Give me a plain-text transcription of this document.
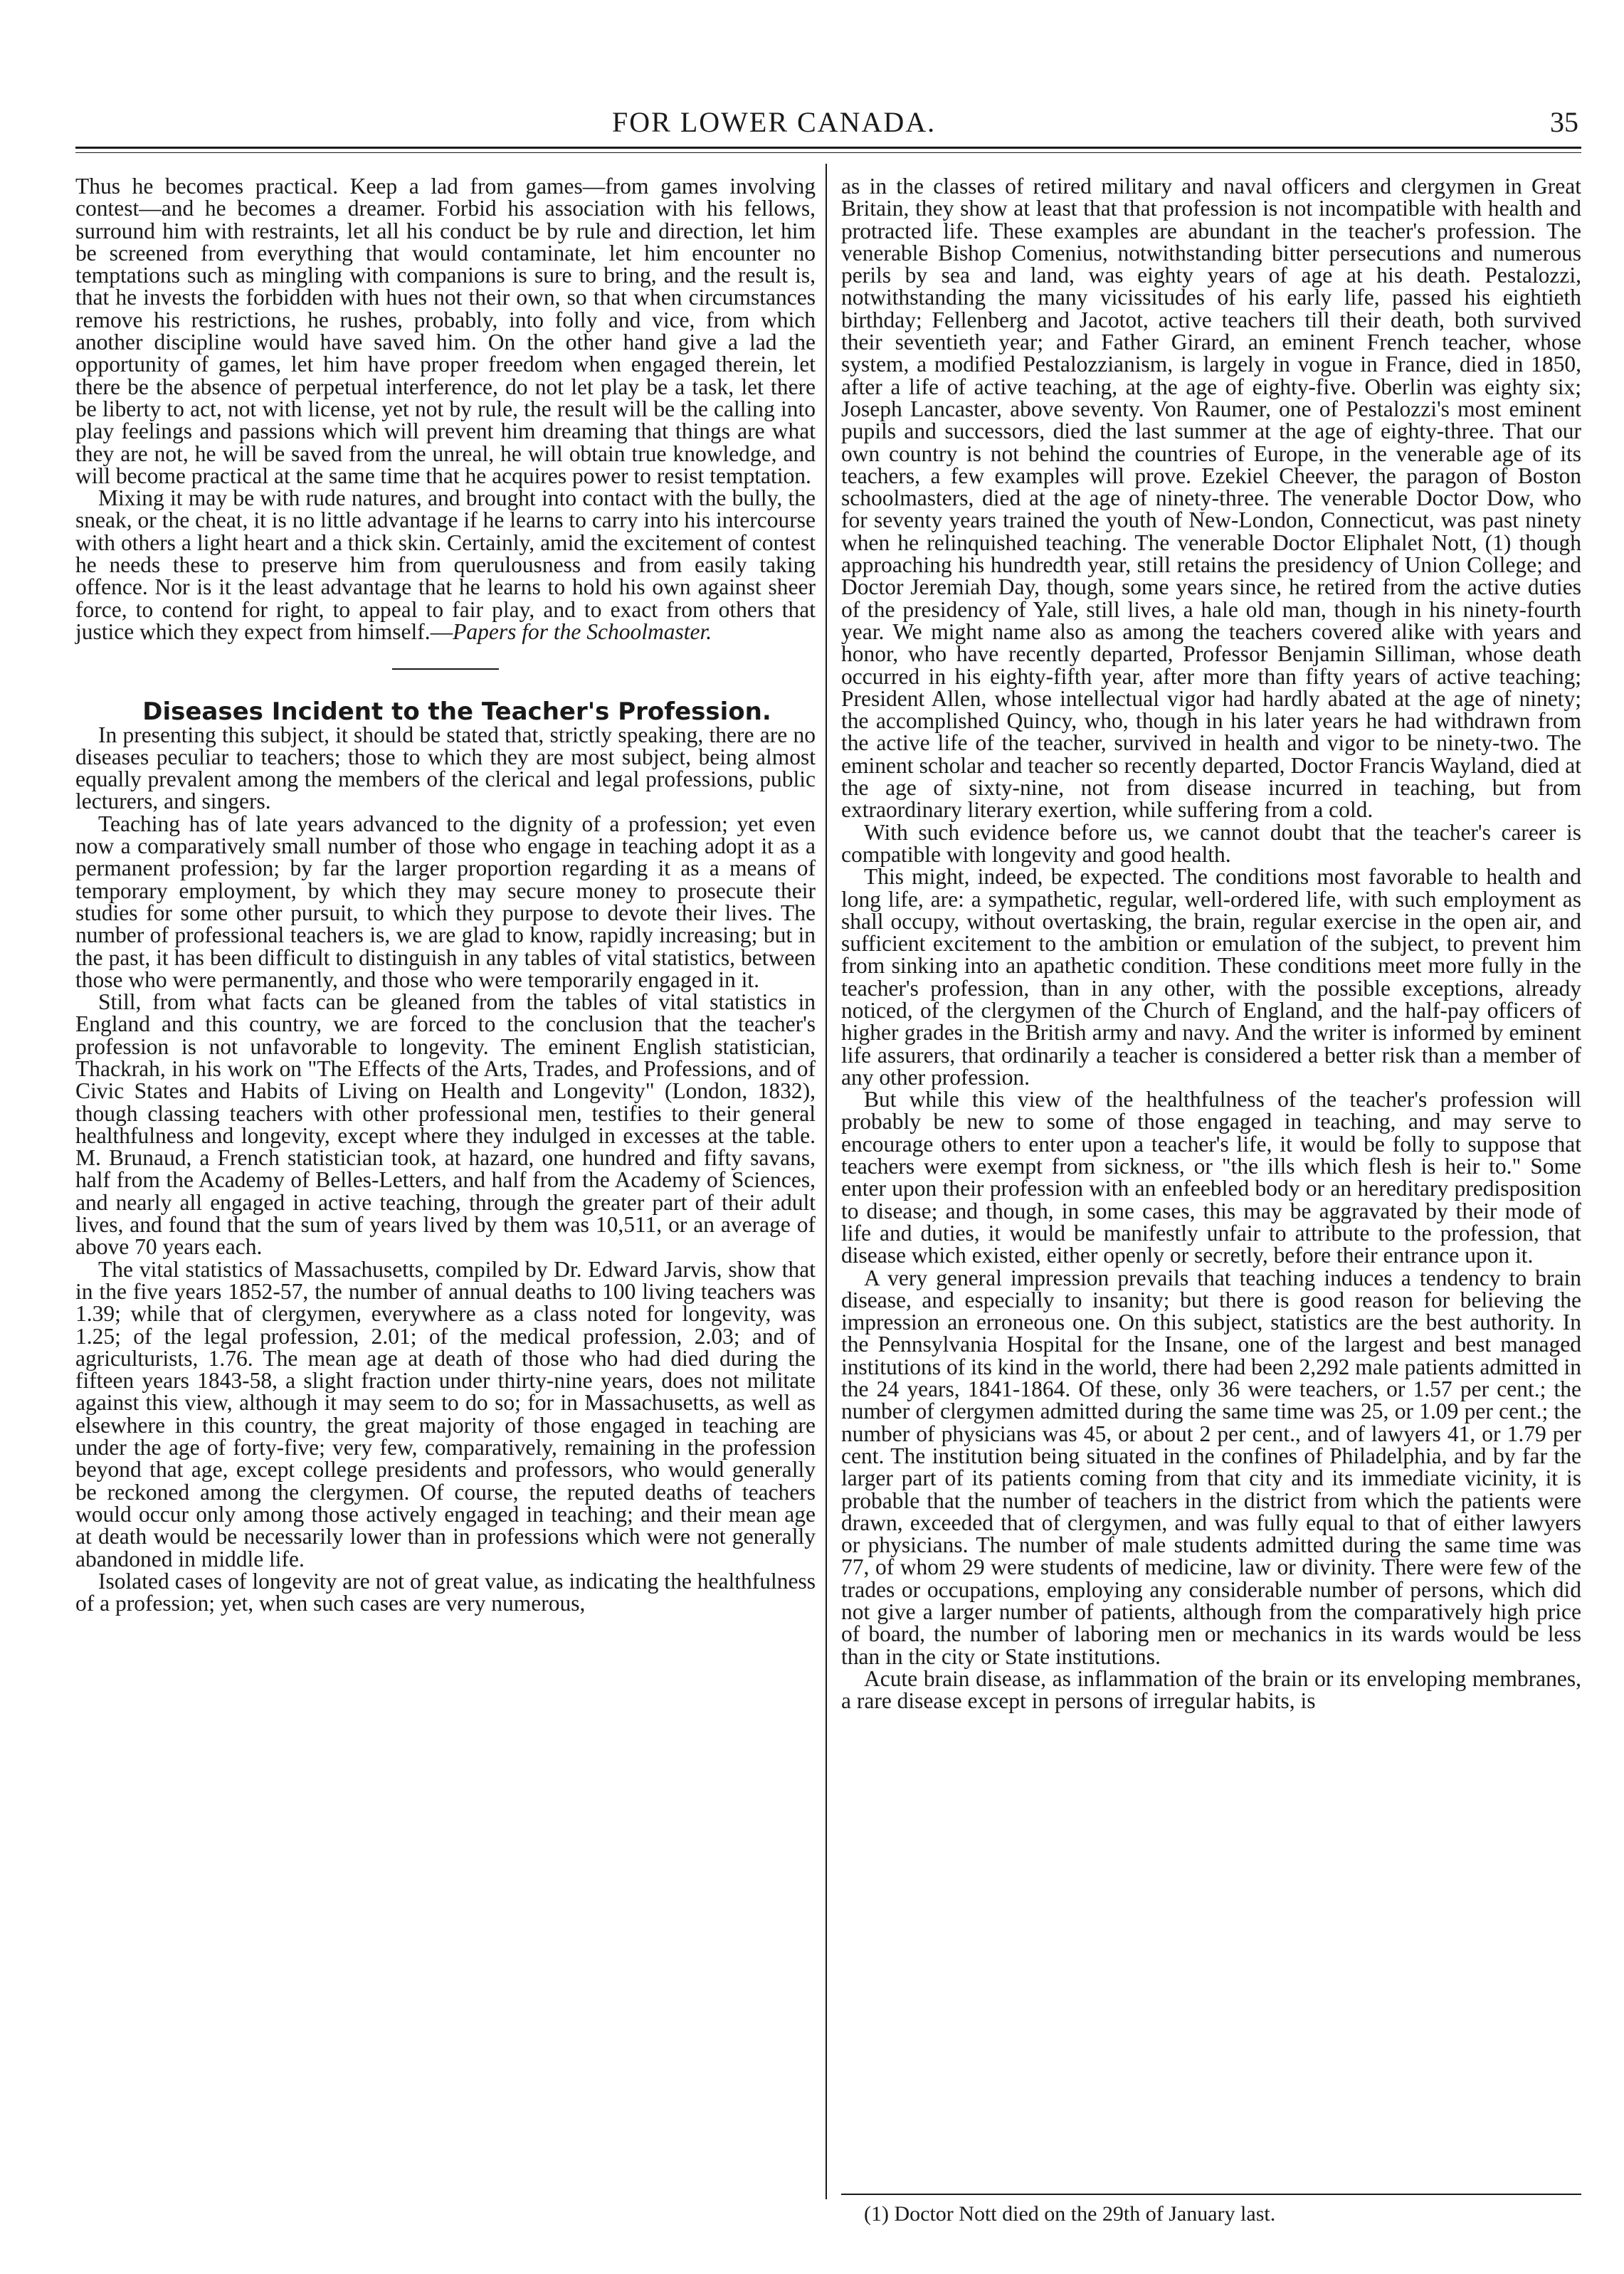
FOR LOWER CANADA.	35

Thus he becomes practical. Keep a lad from games—from games involving contest—and he becomes a dreamer. Forbid his association with his fellows, surround him with restraints, let all his conduct be by rule and direction, let him be screened from everything that would contaminate, let him encounter no temptations such as mingling with companions is sure to bring, and the result is, that he invests the forbidden with hues not their own, so that when circumstances remove his restrictions, he rushes, probably, into folly and vice, from which another discipline would have saved him. On the other hand give a lad the opportunity of games, let him have proper freedom when engaged therein, let there be the absence of perpetual interference, do not let play be a task, let there be liberty to act, not with license, yet not by rule, the result will be the calling into play feelings and passions which will prevent him dreaming that things are what they are not, he will be saved from the unreal, he will obtain true knowledge, and will become practical at the same time that he acquires power to resist temptation.

Mixing it may be with rude natures, and brought into contact with the bully, the sneak, or the cheat, it is no little advantage if he learns to carry into his intercourse with others a light heart and a thick skin. Certainly, amid the excitement of contest he needs these to preserve him from querulousness and from easily taking offence. Nor is it the least advantage that he learns to hold his own against sheer force, to contend for right, to appeal to fair play, and to exact from others that justice which they expect from himself.—Papers for the Schoolmaster.

Diseases Incident to the Teacher's Profession.

In presenting this subject, it should be stated that, strictly speaking, there are no diseases peculiar to teachers; those to which they are most subject, being almost equally prevalent among the members of the clerical and legal professions, public lecturers, and singers.

Teaching has of late years advanced to the dignity of a profession; yet even now a comparatively small number of those who engage in teaching adopt it as a permanent profession; by far the larger proportion regarding it as a means of temporary employment, by which they may secure money to prosecute their studies for some other pursuit, to which they purpose to devote their lives. The number of professional teachers is, we are glad to know, rapidly increasing; but in the past, it has been difficult to distinguish in any tables of vital statistics, between those who were permanently, and those who were temporarily engaged in it.

Still, from what facts can be gleaned from the tables of vital statistics in England and this country, we are forced to the conclusion that the teacher's profession is not unfavorable to longevity. The eminent English statistician, Thackrah, in his work on "The Effects of the Arts, Trades, and Professions, and of Civic States and Habits of Living on Health and Longevity" (London, 1832), though classing teachers with other professional men, testifies to their general healthfulness and longevity, except where they indulged in excesses at the table. M. Brunaud, a French statistician took, at hazard, one hundred and fifty savans, half from the Academy of Belles-Letters, and half from the Academy of Sciences, and nearly all engaged in active teaching, through the greater part of their adult lives, and found that the sum of years lived by them was 10,511, or an average of above 70 years each.

The vital statistics of Massachusetts, compiled by Dr. Edward Jarvis, show that in the five years 1852-57, the number of annual deaths to 100 living teachers was 1.39; while that of clergymen, everywhere as a class noted for longevity, was 1.25; of the legal profession, 2.01; of the medical profession, 2.03; and of agriculturists, 1.76. The mean age at death of those who had died during the fifteen years 1843-58, a slight fraction under thirty-nine years, does not militate against this view, although it may seem to do so; for in Massachusetts, as well as elsewhere in this country, the great majority of those engaged in teaching are under the age of forty-five; very few, comparatively, remaining in the profession beyond that age, except college presidents and professors, who would generally be reckoned among the clergymen. Of course, the reputed deaths of teachers would occur only among those actively engaged in teaching; and their mean age at death would be necessarily lower than in professions which were not generally abandoned in middle life.

Isolated cases of longevity are not of great value, as indicating the healthfulness of a profession; yet, when such cases are very numerous,

as in the classes of retired military and naval officers and clergymen in Great Britain, they show at least that that profession is not incompatible with health and protracted life. These examples are abundant in the teacher's profession. The venerable Bishop Comenius, notwithstanding bitter persecutions and numerous perils by sea and land, was eighty years of age at his death. Pestalozzi, notwithstanding the many vicissitudes of his early life, passed his eightieth birthday; Fellenberg and Jacotot, active teachers till their death, both survived their seventieth year; and Father Girard, an eminent French teacher, whose system, a modified Pestalozzianism, is largely in vogue in France, died in 1850, after a life of active teaching, at the age of eighty-five. Oberlin was eighty six; Joseph Lancaster, above seventy. Von Raumer, one of Pestalozzi's most eminent pupils and successors, died the last summer at the age of eighty-three. That our own country is not behind the countries of Europe, in the venerable age of its teachers, a few examples will prove. Ezekiel Cheever, the paragon of Boston schoolmasters, died at the age of ninety-three. The venerable Doctor Dow, who for seventy years trained the youth of New-London, Connecticut, was past ninety when he relinquished teaching. The venerable Doctor Eliphalet Nott, (1) though approaching his hundredth year, still retains the presidency of Union College; and Doctor Jeremiah Day, though, some years since, he retired from the active duties of the presidency of Yale, still lives, a hale old man, though in his ninety-fourth year. We might name also as among the teachers covered alike with years and honor, who have recently departed, Professor Benjamin Silliman, whose death occurred in his eighty-fifth year, after more than fifty years of active teaching; President Allen, whose intellectual vigor had hardly abated at the age of ninety; the accomplished Quincy, who, though in his later years he had withdrawn from the active life of the teacher, survived in health and vigor to be ninety-two. The eminent scholar and teacher so recently departed, Doctor Francis Wayland, died at the age of sixty-nine, not from disease incurred in teaching, but from extraordinary literary exertion, while suffering from a cold.

With such evidence before us, we cannot doubt that the teacher's career is compatible with longevity and good health.

This might, indeed, be expected. The conditions most favorable to health and long life, are: a sympathetic, regular, well-ordered life, with such employment as shall occupy, without overtasking, the brain, regular exercise in the open air, and sufficient excitement to the ambition or emulation of the subject, to prevent him from sinking into an apathetic condition. These conditions meet more fully in the teacher's profession, than in any other, with the possible exceptions, already noticed, of the clergymen of the Church of England, and the half-pay officers of higher grades in the British army and navy. And the writer is informed by eminent life assurers, that ordinarily a teacher is considered a better risk than a member of any other profession.

But while this view of the healthfulness of the teacher's profession will probably be new to some of those engaged in teaching, and may serve to encourage others to enter upon a teacher's life, it would be folly to suppose that teachers were exempt from sickness, or "the ills which flesh is heir to." Some enter upon their profession with an enfeebled body or an hereditary predisposition to disease; and though, in some cases, this may be aggravated by their mode of life and duties, it would be manifestly unfair to attribute to the profession, that disease which existed, either openly or secretly, before their entrance upon it.

A very general impression prevails that teaching induces a tendency to brain disease, and especially to insanity; but there is good reason for believing the impression an erroneous one. On this subject, statistics are the best authority. In the Pennsylvania Hospital for the Insane, one of the largest and best managed institutions of its kind in the world, there had been 2,292 male patients admitted in the 24 years, 1841-1864. Of these, only 36 were teachers, or 1.57 per cent.; the number of clergymen admitted during the same time was 25, or 1.09 per cent.; the number of physicians was 45, or about 2 per cent., and of lawyers 41, or 1.79 per cent. The institution being situated in the confines of Philadelphia, and by far the larger part of its patients coming from that city and its immediate vicinity, it is probable that the number of teachers in the district from which the patients were drawn, exceeded that of clergymen, and was fully equal to that of either lawyers or physicians. The number of male students admitted during the same time was 77, of whom 29 were students of medicine, law or divinity. There were few of the trades or occupations, employing any considerable number of persons, which did not give a larger number of patients, although from the comparatively high price of board, the number of laboring men or mechanics in its wards would be less than in the city or State institutions.

Acute brain disease, as inflammation of the brain or its enveloping membranes, a rare disease except in persons of irregular habits, is

(1) Doctor Nott died on the 29th of January last.
